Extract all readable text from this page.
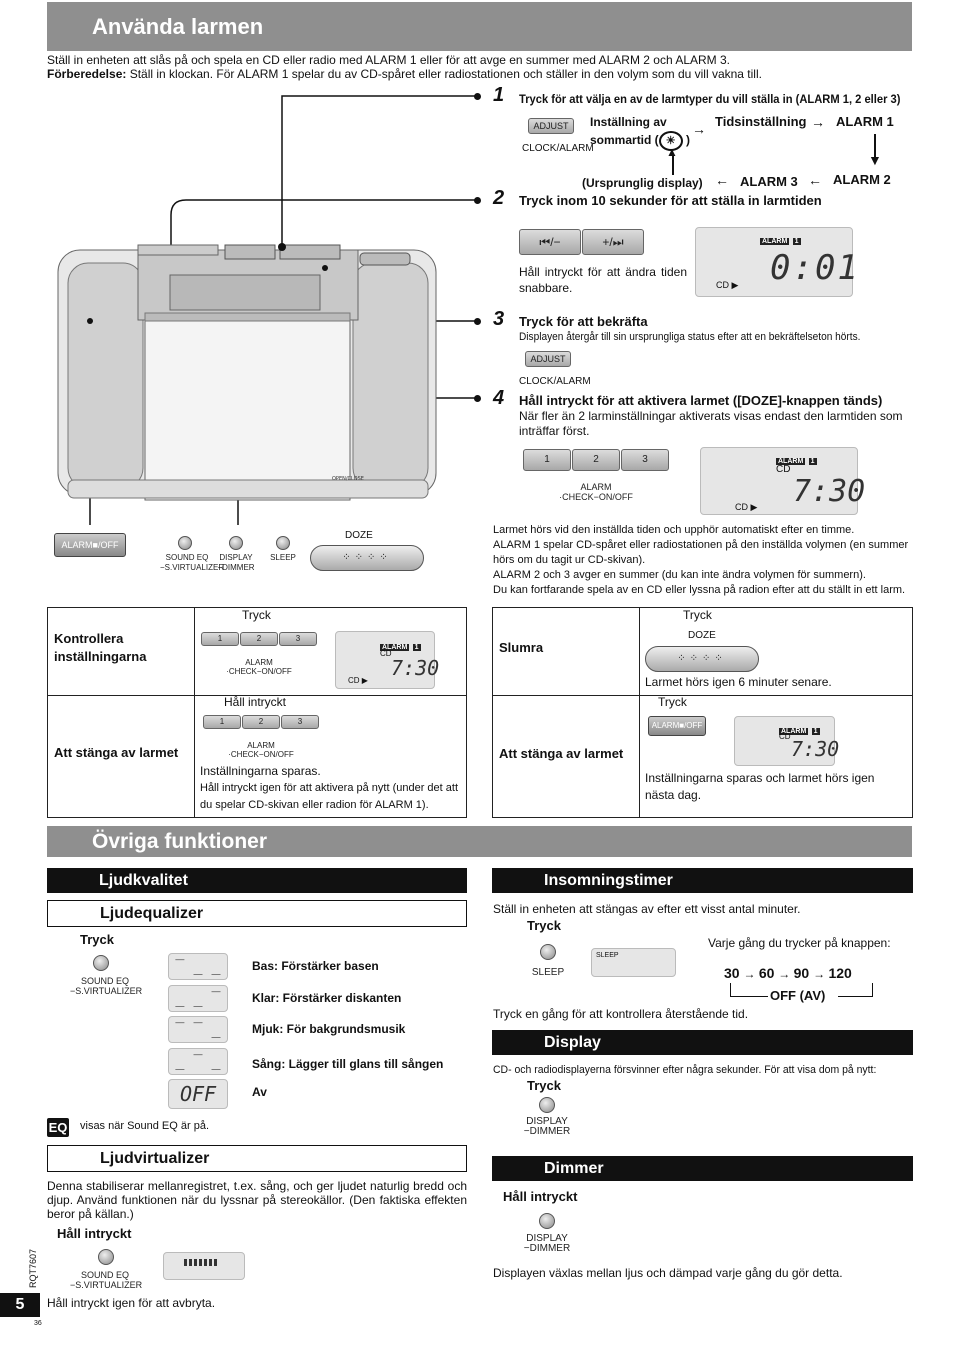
Använda larmen
Ställ in enheten att slås på och spela en CD eller radio med ALARM 1 eller för att avge en summer med ALARM 2 och ALARM 3.
Förberedelse: Ställ in klockan. För ALARM 1 spelar du av CD-spåret eller radiostationen och ställer in den volym som du vill vakna till.
OPEN/CLOSE
ALARM■/OFF
SOUND EQ
−S.VIRTUALIZER
DISPLAY
−DIMMER
SLEEP
DOZE
⁘⁘⁘⁘
1 Tryck för att välja en av de larmtyper du vill ställa in (ALARM 1, 2 eller 3)
ADJUST
CLOCK/ALARM
Inställning av
sommartid ( ☀ )
→ Tidsinställning → ALARM 1
▼
▲
(Ursprunglig display) ← ALARM 3 ← ALARM 2
2 Tryck inom 10 sekunder för att ställa in larmtiden
⏮/−	+/⏭
Håll intryckt för att ändra tiden snabbare.
ALARM 1
0:01
CD ▶
3 Tryck för att bekräfta
Displayen återgår till sin ursprungliga status efter att en bekräftelseton hörts.
ADJUST
CLOCK/ALARM
4 Håll intryckt för att aktivera larmet ([DOZE]-knappen tänds)
När fler än 2 larminställningar aktiverats visas endast den larmtiden som inträffar först.
1	2	3
ALARM
·CHECK−ON/OFF
ALARM 1
CD
7:30
CD ▶
Larmet hörs vid den inställda tiden och upphör automatiskt efter en timme.
ALARM 1 spelar CD-spåret eller radiostationen på den inställda volymen (en summer hörs om du tagit ur CD-skivan).
ALARM 2 och 3 avger en summer (du kan inte ändra volymen för summern).
Du kan fortfarande spela av en CD eller lyssna på radion efter att du ställt in ett larm.
Kontrollera inställningarna
Tryck
1	2	3
ALARM
·CHECK−ON/OFF
ALARM 1
CD
7:30
CD ▶
Att stänga av larmet
Håll intryckt
1	2	3
ALARM
·CHECK−ON/OFF
Inställningarna sparas.
Håll intryckt igen för att aktivera på nytt (under det att du spelar CD-skivan eller radion för ALARM 1).
Slumra
Tryck
DOZE
⁘⁘⁘⁘
Larmet hörs igen 6 minuter senare.
Att stänga av larmet
Tryck
ALARM■/OFF
ALARM 1
CD
7:30
Inställningarna sparas och larmet hörs igen nästa dag.
Övriga funktioner
Ljudkvalitet
Ljudequalizer
Tryck
SOUND EQ
−S.VIRTUALIZER
‾ _ _	Bas: Förstärker basen
_ _ ‾	Klar: Förstärker diskanten
‾ ‾ _	Mjuk: För bakgrundsmusik
_ ‾ _	Sång: Lägger till glans till sången
OFF	Av
EQ visas när Sound EQ är på.
Ljudvirtualizer
Denna stabiliserar mellanregistret, t.ex. sång, och ger ljudet naturlig bredd och djup. Använd funktionen när du lyssnar på stereokällor. (Den faktiska effekten beror på källan.)
Håll intryckt
RQT7607	SOUND EQ
−S.VIRTUALIZER
Håll intryckt igen för att avbryta.
5
36
Insomningstimer
Ställ in enheten att stängas av efter ett visst antal minuter.
Tryck
SLEEP
SLEEP
Varje gång du trycker på knappen:
30 → 60 → 90 → 120
OFF (AV)
Tryck en gång för att kontrollera återstående tid.
Display
CD- och radiodisplayerna försvinner efter några sekunder. För att visa dom på nytt:
Tryck
DISPLAY
−DIMMER
Dimmer
Håll intryckt
DISPLAY
−DIMMER
Displayen växlas mellan ljus och dämpad varje gång du gör detta.
